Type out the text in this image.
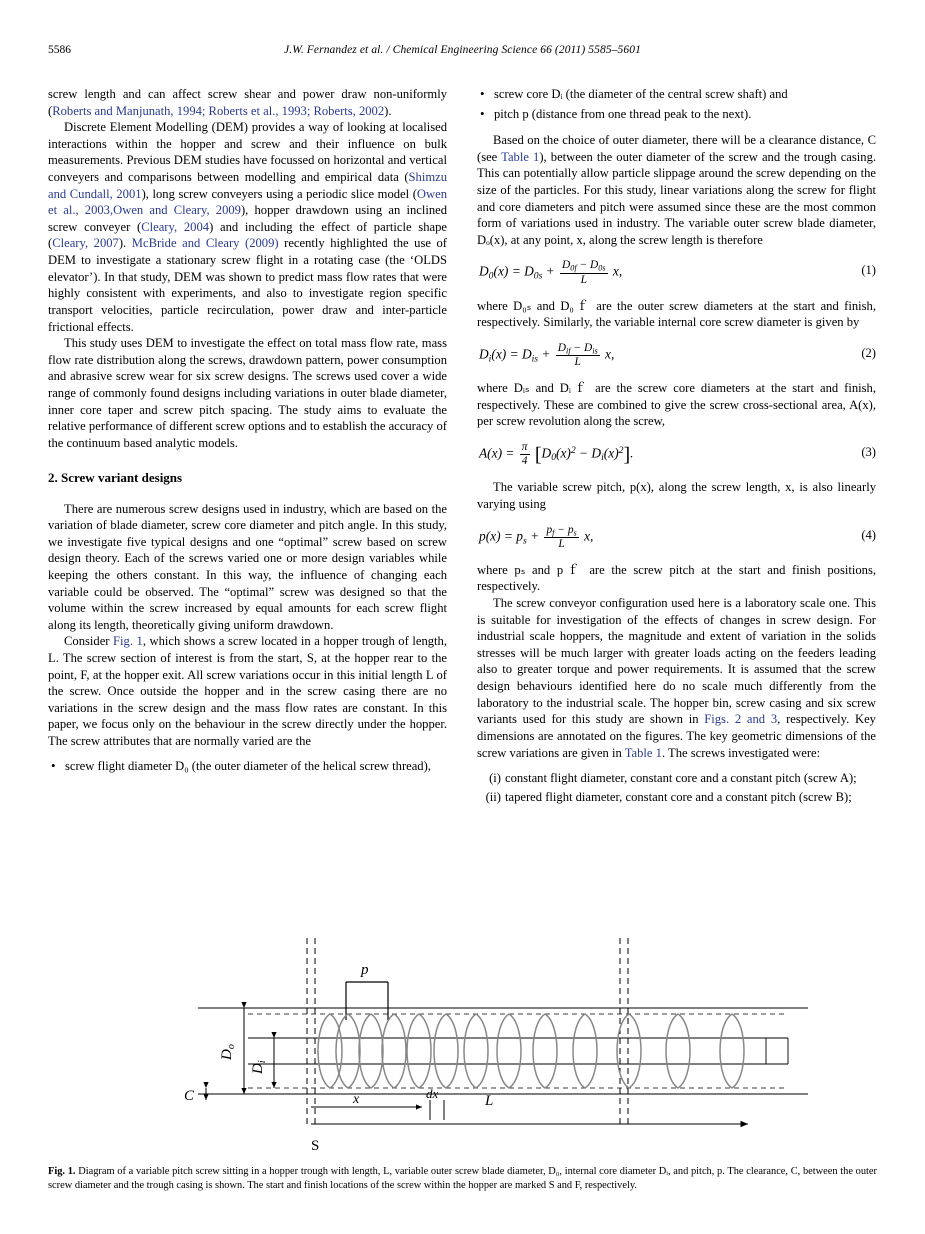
5586	J.W. Fernandez et al. / Chemical Engineering Science 66 (2011) 5585–5601

screw length and can affect screw shear and power draw non-uniformly (Roberts and Manjunath, 1994; Roberts et al., 1993; Roberts, 2002).

Discrete Element Modelling (DEM) provides a way of looking at localised interactions within the hopper and screw and their influence on bulk measurements. Previous DEM studies have focussed on horizontal and vertical conveyers and comparisons between modelling and empirical data (Shimzu and Cundall, 2001), long screw conveyers using a periodic slice model (Owen et al., 2003,Owen and Cleary, 2009), hopper drawdown using an inclined screw conveyer (Cleary, 2004) and including the effect of particle shape (Cleary, 2007). McBride and Cleary (2009) recently highlighted the use of DEM to investigate a stationary screw flight in a rotating case (the ‘OLDS elevator’). In that study, DEM was shown to predict mass flow rates that were highly consistent with experiments, and also to investigate region specific transport velocities, particle recirculation, power draw and inter-particle frictional effects.

This study uses DEM to investigate the effect on total mass flow rate, mass flow rate distribution along the screws, drawdown pattern, power consumption and abrasive screw wear for six screw designs. The screws used cover a wide range of commonly found designs including variations in outer blade diameter, inner core taper and screw pitch spacing. The study aims to evaluate the relative performance of different screw options and to establish the accuracy of the continuum based analytic models.

2. Screw variant designs

There are numerous screw designs used in industry, which are based on the variation of blade diameter, screw core diameter and pitch angle. In this study, we investigate five typical designs and one “optimal” screw based on screw design theory. Each of the screws varied one or more design variables while keeping the others constant. In this way, the influence of changing each variable could be observed. The “optimal” screw was designed so that the volume within the screw increased by equal amounts for each screw flight along its length, theoretically giving uniform drawdown.

Consider Fig. 1, which shows a screw located in a hopper trough of length, L. The screw section of interest is from the start, S, at the hopper rear to the point, F, at the hopper exit. All screw variations occur in this initial length L of the screw. Once outside the hopper and in the screw casing there are no variations in the screw design and the mass flow rates are constant. In this paper, we focus only on the behaviour in the screw directly under the hopper. The screw attributes that are normally varied are the

• screw flight diameter D₀ (the outer diameter of the helical screw thread),
• screw core Dᵢ (the diameter of the central screw shaft) and
• pitch p (distance from one thread peak to the next).

Based on the choice of outer diameter, there will be a clearance distance, C (see Table 1), between the outer diameter of the screw and the trough casing. This can potentially allow particle slippage around the screw depending on the size of the particles. For this study, linear variations along the screw for flight and core diameters and pitch were assumed since these are the most common form of variations used in industry. The variable outer screw blade diameter, Dₒ(x), at any point, x, along the screw length is therefore

$D_0(x) = D_{0s} + \frac{D_{0f} - D_{0s}}{L} x$,	(1)

where D₀ₛ and D₀ｆ are the outer screw diameters at the start and finish, respectively. Similarly, the variable internal core screw diameter is given by

$D_i(x) = D_{is} + \frac{D_{if} - D_{is}}{L} x$,	(2)

where Dᵢₛ and Dᵢｆ are the screw core diameters at the start and finish, respectively. These are combined to give the screw cross-sectional area, A(x), per screw revolution along the screw,

$A(x) = \frac{\pi}{4} [D_0(x)^2 - D_i(x)^2]$.	(3)

The variable screw pitch, p(x), along the screw length, x, is also linearly varying using

$p(x) = p_s + \frac{p_f - p_s}{L} x$,	(4)

where pₛ and pｆ are the screw pitch at the start and finish positions, respectively.

The screw conveyor configuration used here is a laboratory scale one. This is suitable for investigation of the effects of changes in screw design. For industrial scale hoppers, the magnitude and extent of variation in the solids stresses will be much larger with greater loads acting on the feeders leading also to greater torque and power requirements. It is assumed that the screw design behaviours identified here do no scale much differently from the laboratory to the industrial scale. The hopper bin, screw casing and six screw variants used for this study are shown in Figs. 2 and 3, respectively. Key dimensions are annotated on the figures. The key geometric dimensions of the screw variations are given in Table 1. The screws investigated were:

(i) constant flight diameter, constant core and a constant pitch (screw A);
(ii) tapered flight diameter, constant core and a constant pitch (screw B);
p
$D_o$
$D_i$
C	x	dx	L
S
Fig. 1. Diagram of a variable pitch screw sitting in a hopper trough with length, L, variable outer screw blade diameter, D₀, internal core diameter Dᵢ, and pitch, p. The clearance, C, between the outer screw diameter and the trough casing is shown. The start and finish locations of the screw within the hopper are marked S and F, respectively.
